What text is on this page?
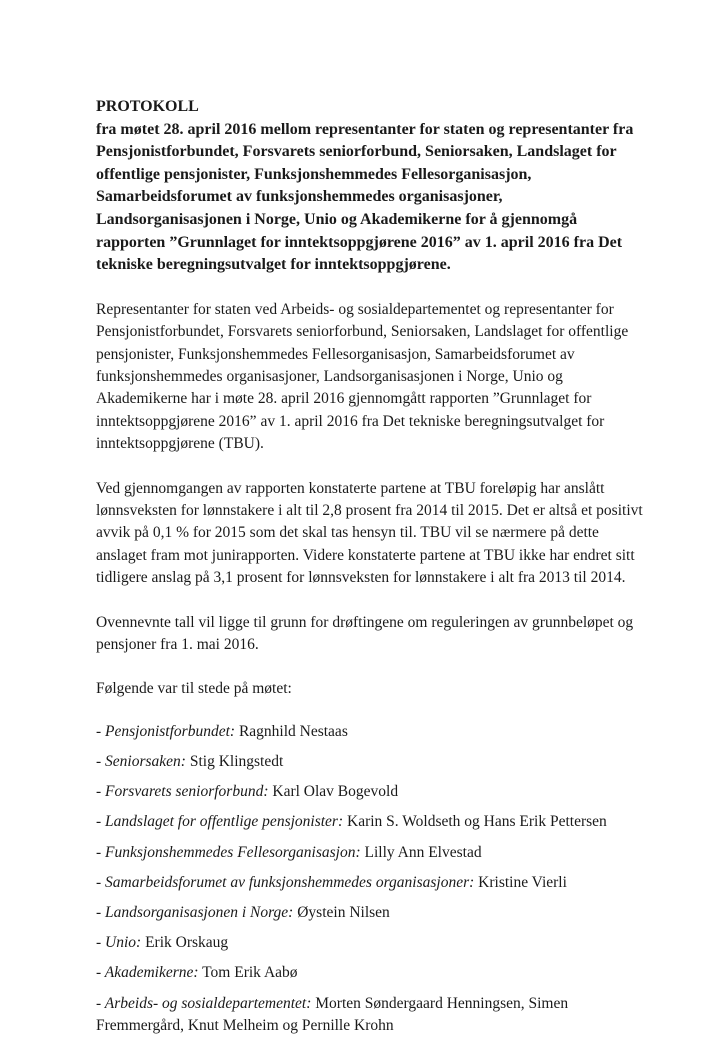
PROTOKOLL
fra møtet 28. april 2016 mellom representanter for staten og representanter fra Pensjonistforbundet, Forsvarets seniorforbund, Seniorsaken, Landslaget for offentlige pensjonister, Funksjonshemmedes Fellesorganisasjon, Samarbeidsforumet av funksjonshemmedes organisasjoner, Landsorganisasjonen i Norge, Unio og Akademikerne for å gjennomgå rapporten ”Grunnlaget for inntektsoppgjørene 2016” av 1. april 2016 fra Det tekniske beregningsutvalget for inntektsoppgjørene.

Representanter for staten ved Arbeids- og sosialdepartementet og representanter for Pensjonistforbundet, Forsvarets seniorforbund, Seniorsaken, Landslaget for offentlige pensjonister, Funksjonshemmedes Fellesorganisasjon, Samarbeidsforumet av funksjonshemmedes organisasjoner, Landsorganisasjonen i Norge, Unio og Akademikerne har i møte 28. april 2016 gjennomgått rapporten ”Grunnlaget for inntektsoppgjørene 2016” av 1. april 2016 fra Det tekniske beregningsutvalget for inntektsoppgjørene (TBU).

Ved gjennomgangen av rapporten konstaterte partene at TBU foreløpig har anslått lønnsveksten for lønnstakere i alt til 2,8 prosent fra 2014 til 2015. Det er altså et positivt avvik på 0,1 % for 2015 som det skal tas hensyn til. TBU vil se nærmere på dette anslaget fram mot junirapporten. Videre konstaterte partene at TBU ikke har endret sitt tidligere anslag på 3,1 prosent for lønnsveksten for lønnstakere i alt fra 2013 til 2014.

Ovennevnte tall vil ligge til grunn for drøftingene om reguleringen av grunnbeløpet og pensjoner fra 1. mai 2016.

Følgende var til stede på møtet:

- Pensjonistforbundet: Ragnhild Nestaas
- Seniorsaken: Stig Klingstedt
- Forsvarets seniorforbund: Karl Olav Bogevold
- Landslaget for offentlige pensjonister: Karin S. Woldseth og Hans Erik Pettersen
- Funksjonshemmedes Fellesorganisasjon: Lilly Ann Elvestad
- Samarbeidsforumet av funksjonshemmedes organisasjoner: Kristine Vierli
- Landsorganisasjonen i Norge: Øystein Nilsen
- Unio: Erik Orskaug
- Akademikerne: Tom Erik Aabø
- Arbeids- og sosialdepartementet: Morten Søndergaard Henningsen, Simen Fremmergård, Knut Melheim og Pernille Krohn
